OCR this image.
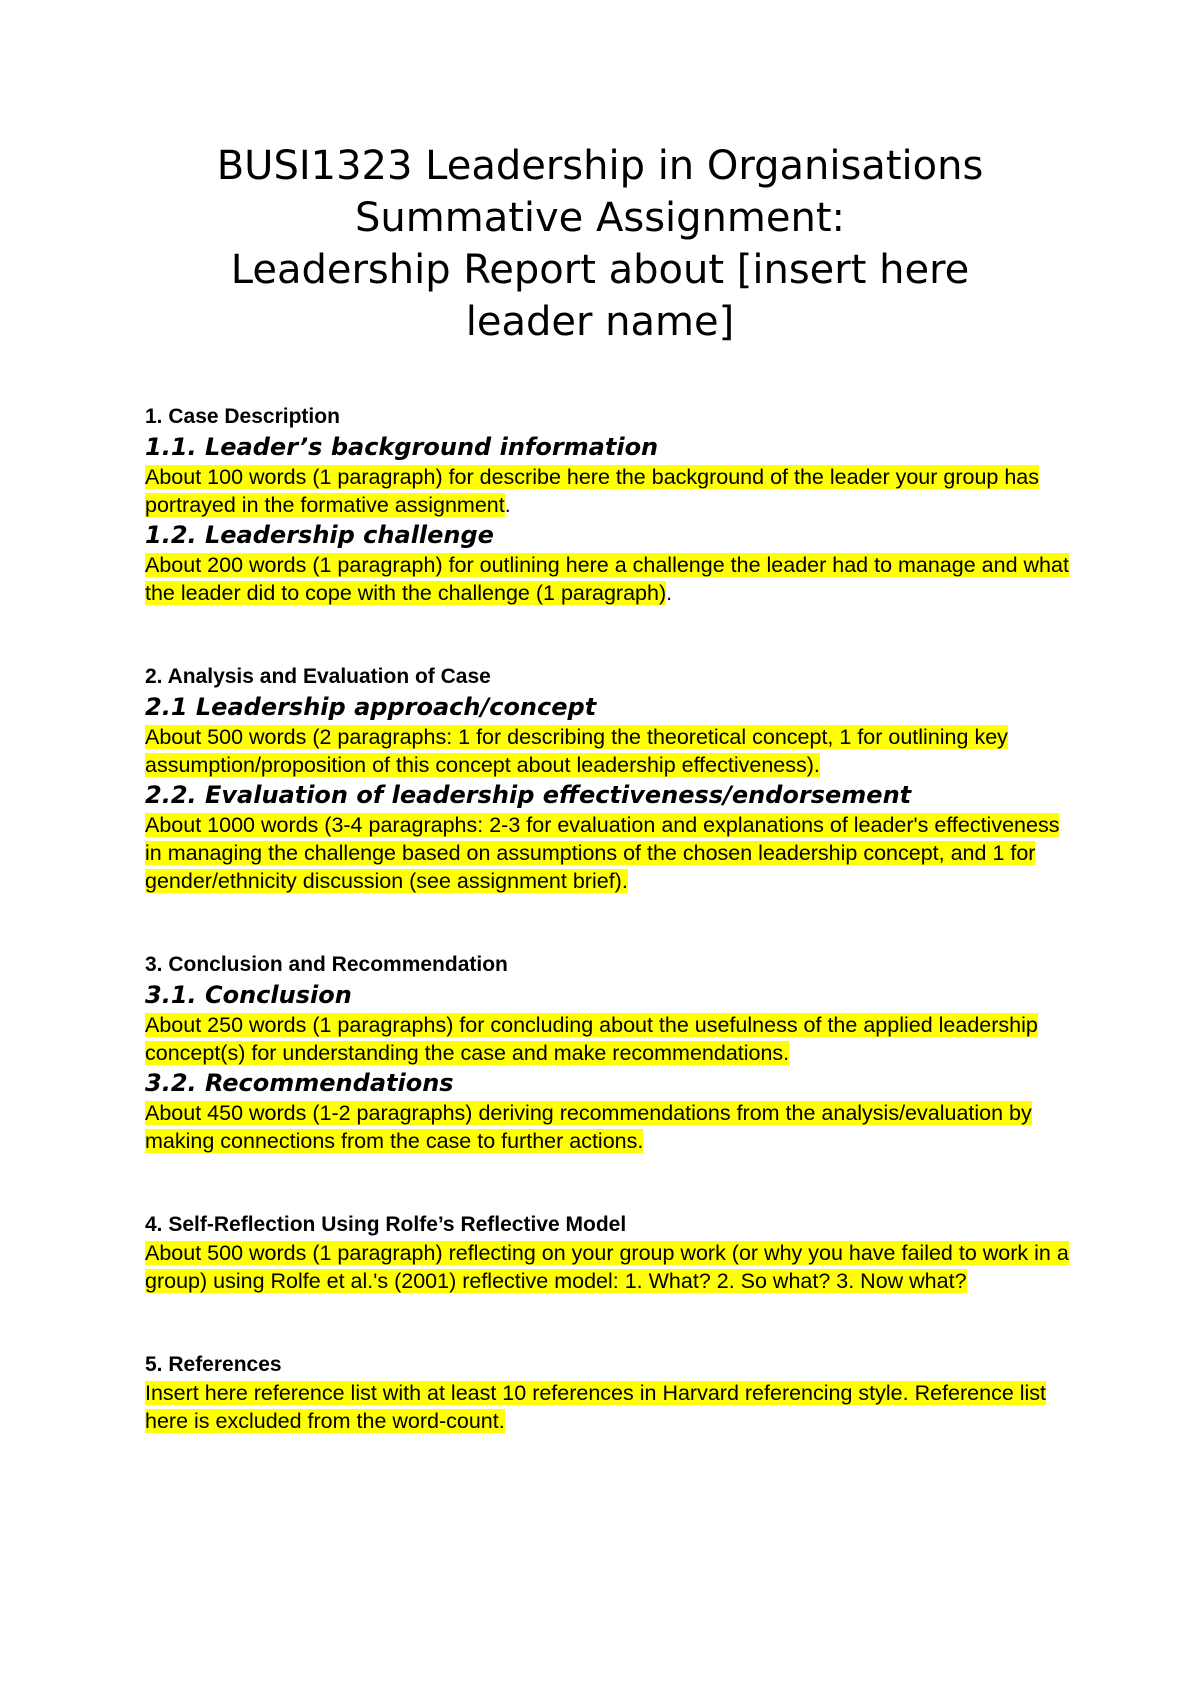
BUSI1323 Leadership in Organisations
Summative Assignment:
Leadership Report about [insert here
leader name]
1. Case Description
1.1. Leader’s background information
About 100 words (1 paragraph) for describe here the background of the leader your group has portrayed in the formative assignment.
1.2. Leadership challenge
About 200 words (1 paragraph) for outlining here a challenge the leader had to manage and what the leader did to cope with the challenge (1 paragraph).
2. Analysis and Evaluation of Case
2.1 Leadership approach/concept
About 500 words (2 paragraphs: 1 for describing the theoretical concept, 1 for outlining key assumption/proposition of this concept about leadership effectiveness).
2.2. Evaluation of leadership effectiveness/endorsement
About 1000 words (3-4 paragraphs: 2-3 for evaluation and explanations of leader's effectiveness in managing the challenge based on assumptions of the chosen leadership concept, and 1 for gender/ethnicity discussion (see assignment brief).
3. Conclusion and Recommendation
3.1. Conclusion
About 250 words (1 paragraphs) for concluding about the usefulness of the applied leadership concept(s) for understanding the case and make recommendations.
3.2. Recommendations
About 450 words (1-2 paragraphs) deriving recommendations from the analysis/evaluation by making connections from the case to further actions.
4. Self-Reflection Using Rolfe’s Reflective Model
About 500 words (1 paragraph) reflecting on your group work (or why you have failed to work in a group) using Rolfe et al.'s (2001) reflective model: 1. What? 2. So what? 3. Now what?
5. References
Insert here reference list with at least 10 references in Harvard referencing style. Reference list here is excluded from the word-count.
